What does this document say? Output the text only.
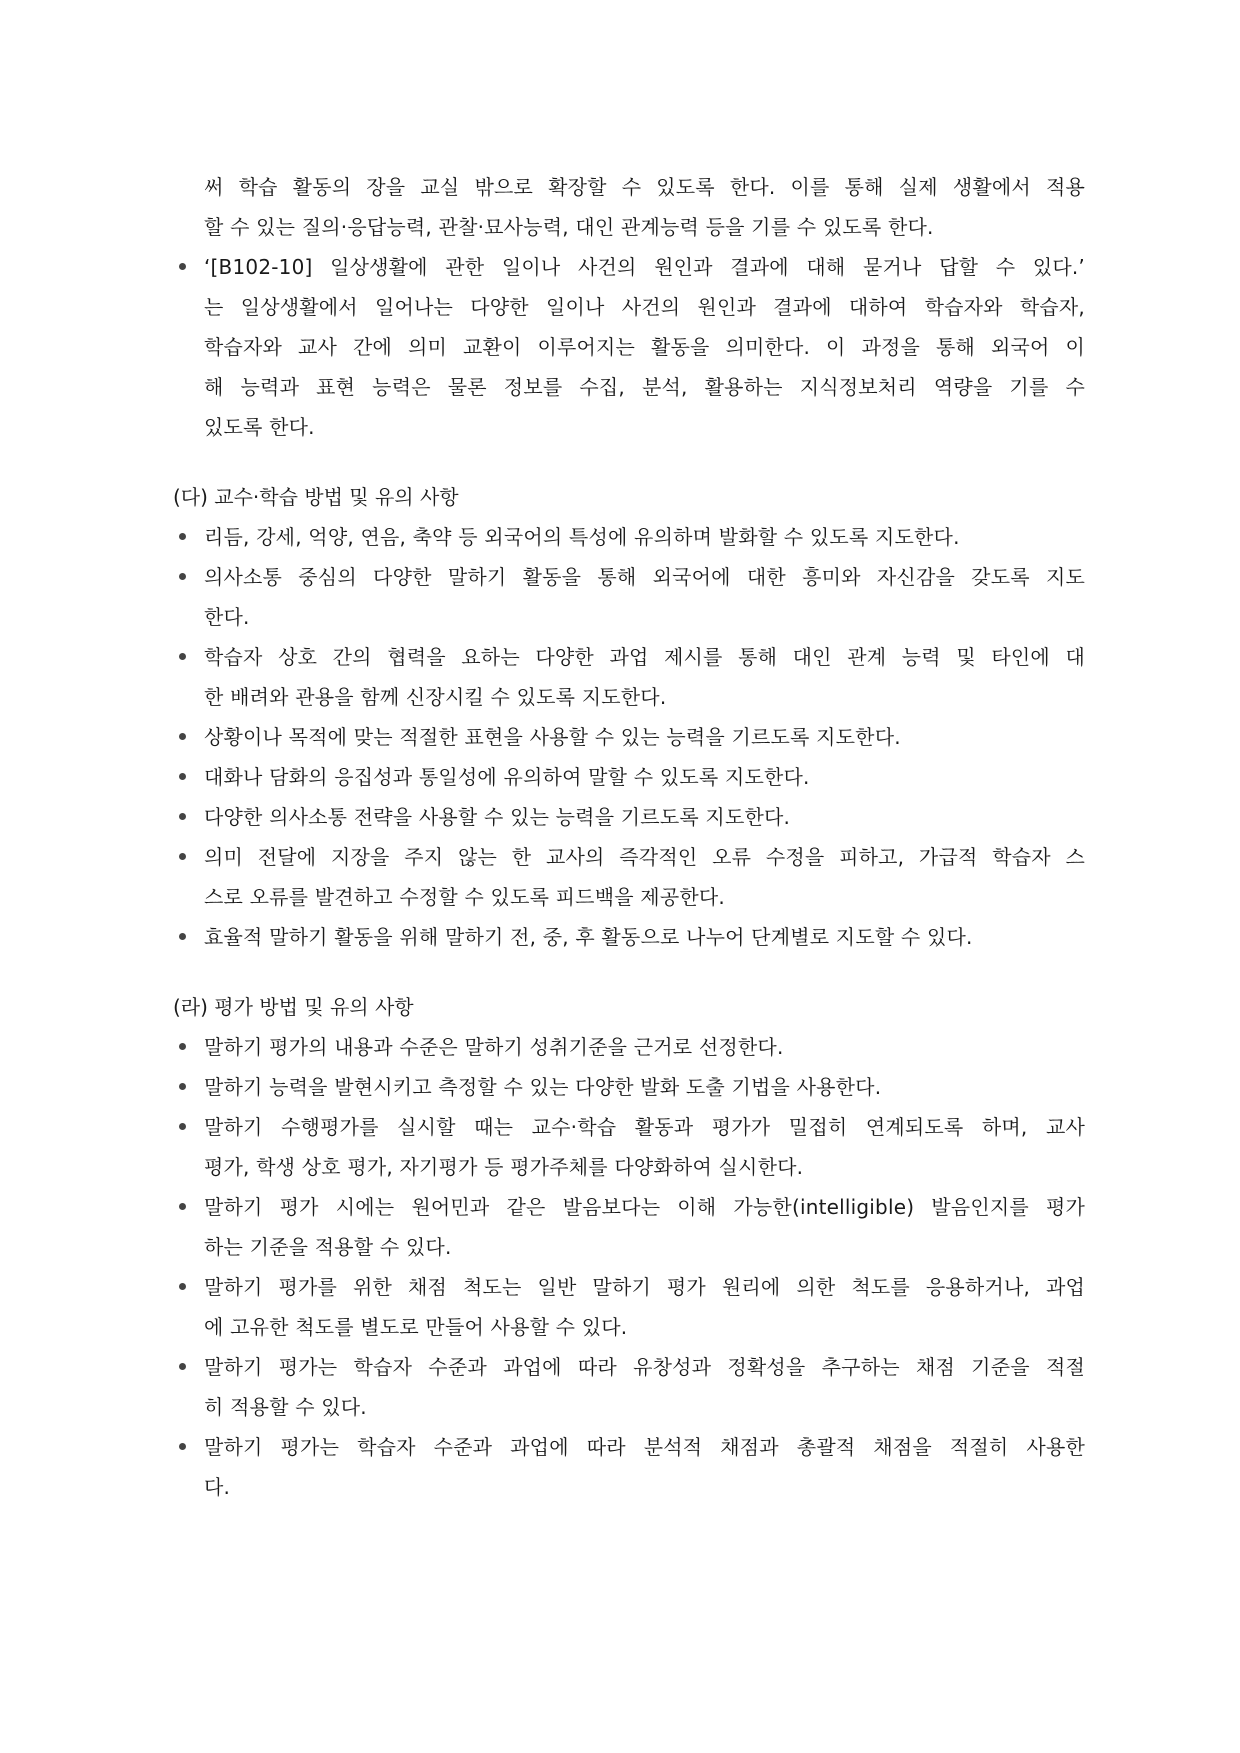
써 학습 활동의 장을 교실 밖으로 확장할 수 있도록 한다. 이를 통해 실제 생활에서 적용
할 수 있는 질의·응답능력, 관찰·묘사능력, 대인 관계능력 등을 기를 수 있도록 한다.
‘[B102-10] 일상생활에 관한 일이나 사건의 원인과 결과에 대해 묻거나 답할 수 있다.’
는 일상생활에서 일어나는 다양한 일이나 사건의 원인과 결과에 대하여 학습자와 학습자,
학습자와 교사 간에 의미 교환이 이루어지는 활동을 의미한다. 이 과정을 통해 외국어 이
해 능력과 표현 능력은 물론 정보를 수집, 분석, 활용하는 지식정보처리 역량을 기를 수
있도록 한다.
(다) 교수·학습 방법 및 유의 사항
리듬, 강세, 억양, 연음, 축약 등 외국어의 특성에 유의하며 발화할 수 있도록 지도한다.
의사소통 중심의 다양한 말하기 활동을 통해 외국어에 대한 흥미와 자신감을 갖도록 지도
한다.
학습자 상호 간의 협력을 요하는 다양한 과업 제시를 통해 대인 관계 능력 및 타인에 대
한 배려와 관용을 함께 신장시킬 수 있도록 지도한다.
상황이나 목적에 맞는 적절한 표현을 사용할 수 있는 능력을 기르도록 지도한다.
대화나 담화의 응집성과 통일성에 유의하여 말할 수 있도록 지도한다.
다양한 의사소통 전략을 사용할 수 있는 능력을 기르도록 지도한다.
의미 전달에 지장을 주지 않는 한 교사의 즉각적인 오류 수정을 피하고, 가급적 학습자 스
스로 오류를 발견하고 수정할 수 있도록 피드백을 제공한다.
효율적 말하기 활동을 위해 말하기 전, 중, 후 활동으로 나누어 단계별로 지도할 수 있다.
(라) 평가 방법 및 유의 사항
말하기 평가의 내용과 수준은 말하기 성취기준을 근거로 선정한다.
말하기 능력을 발현시키고 측정할 수 있는 다양한 발화 도출 기법을 사용한다.
말하기 수행평가를 실시할 때는 교수·학습 활동과 평가가 밀접히 연계되도록 하며, 교사
평가, 학생 상호 평가, 자기평가 등 평가주체를 다양화하여 실시한다.
말하기 평가 시에는 원어민과 같은 발음보다는 이해 가능한(intelligible) 발음인지를 평가
하는 기준을 적용할 수 있다.
말하기 평가를 위한 채점 척도는 일반 말하기 평가 원리에 의한 척도를 응용하거나, 과업
에 고유한 척도를 별도로 만들어 사용할 수 있다.
말하기 평가는 학습자 수준과 과업에 따라 유창성과 정확성을 추구하는 채점 기준을 적절
히 적용할 수 있다.
말하기 평가는 학습자 수준과 과업에 따라 분석적 채점과 총괄적 채점을 적절히 사용한
다.
